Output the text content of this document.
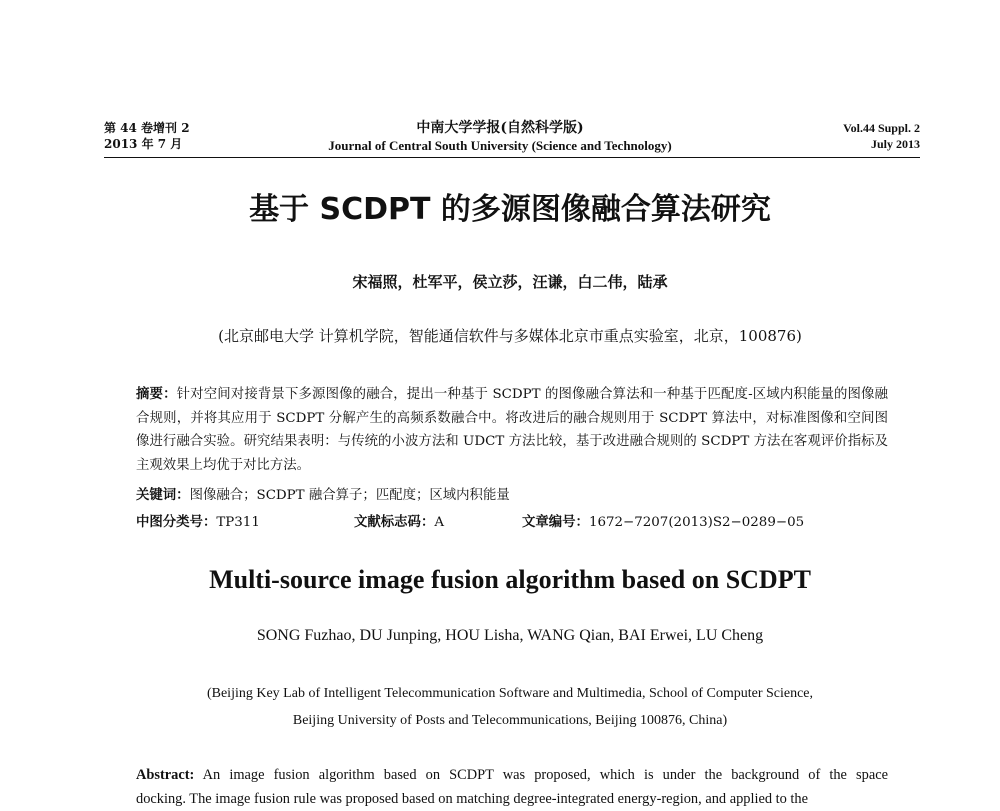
第 44 卷增刊 2
2013 年 7 月
中南大学学报(自然科学版)
Journal of Central South University (Science and Technology)
Vol.44 Suppl. 2
July 2013
基于 SCDPT 的多源图像融合算法研究
宋福照，杜军平，侯立莎，汪谦，白二伟，陆承
(北京邮电大学 计算机学院，智能通信软件与多媒体北京市重点实验室，北京，100876)
摘要：针对空间对接背景下多源图像的融合，提出一种基于 SCDPT 的图像融合算法和一种基于匹配度-区域内积能量的图像融合规则，并将其应用于 SCDPT 分解产生的高频系数融合中。将改进后的融合规则用于 SCDPT 算法中，对标准图像和空间图像进行融合实验。研究结果表明：与传统的小波方法和 UDCT 方法比较，基于改进融合规则的 SCDPT 方法在客观评价指标及主观效果上均优于对比方法。
关键词：图像融合；SCDPT 融合算子；匹配度；区域内积能量
中图分类号：TP311	文献标志码：A	文章编号：1672−7207(2013)S2−0289−05
Multi-source image fusion algorithm based on SCDPT
SONG Fuzhao, DU Junping, HOU Lisha, WANG Qian, BAI Erwei, LU Cheng
(Beijing Key Lab of Intelligent Telecommunication Software and Multimedia, School of Computer Science,
Beijing University of Posts and Telecommunications, Beijing 100876, China)
Abstract: An image fusion algorithm based on SCDPT was proposed, which is under the background of the space
docking. The image fusion rule was proposed based on matching degree-integrated energy-region, and applied to the
